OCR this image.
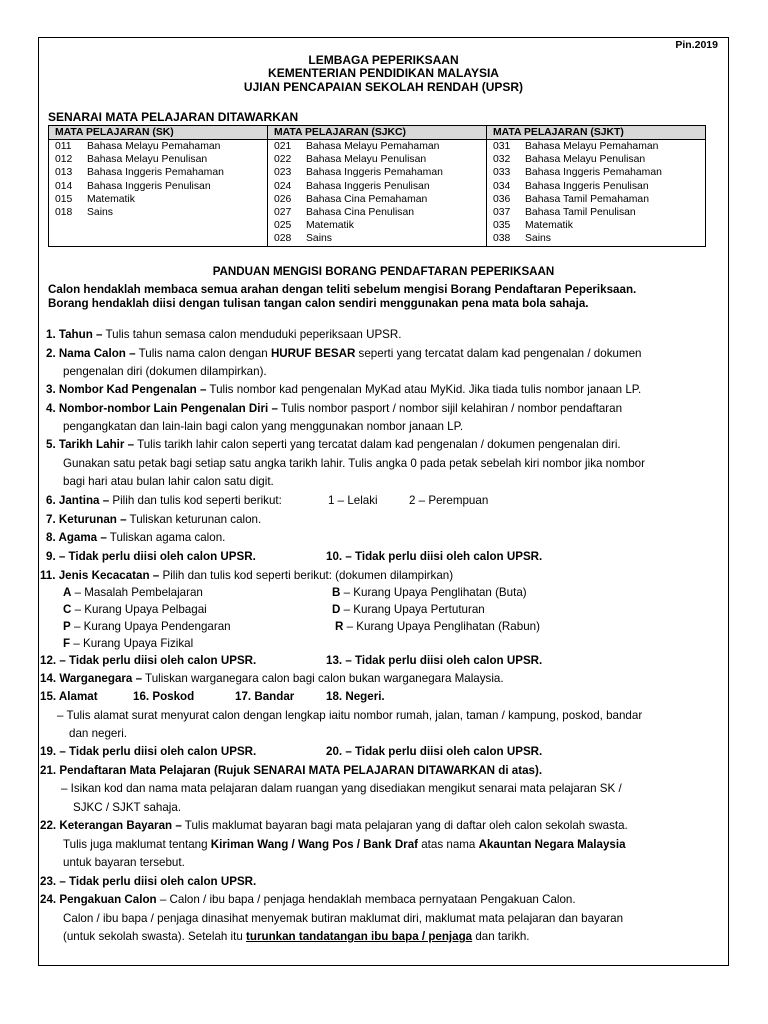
Pin.2019
LEMBAGA PEPERIKSAAN
KEMENTERIAN PENDIDIKAN MALAYSIA
UJIAN PENCAPAIAN SEKOLAH RENDAH (UPSR)
SENARAI MATA PELAJARAN DITAWARKAN
MATA PELAJARAN (SK)	MATA PELAJARAN (SJKC)	MATA PELAJARAN (SJKT)
011 Bahasa Melayu Pemahaman	021 Bahasa Melayu Pemahaman	031 Bahasa Melayu Pemahaman
012 Bahasa Melayu Penulisan	022 Bahasa Melayu Penulisan	032 Bahasa Melayu Penulisan
013 Bahasa Inggeris Pemahaman	023 Bahasa Inggeris Pemahaman	033 Bahasa Inggeris Pemahaman
014 Bahasa Inggeris Penulisan	024 Bahasa Inggeris Penulisan	034 Bahasa Inggeris Penulisan
015 Matematik	026 Bahasa Cina Pemahaman	036 Bahasa Tamil Pemahaman
018 Sains	027 Bahasa Cina Penulisan	037 Bahasa Tamil Penulisan
	025 Matematik	035 Matematik
	028 Sains	038 Sains
PANDUAN MENGISI BORANG PENDAFTARAN PEPERIKSAAN
Calon hendaklah membaca semua arahan dengan teliti sebelum mengisi Borang Pendaftaran Peperiksaan.
Borang hendaklah diisi dengan tulisan tangan calon sendiri menggunakan pena mata bola sahaja.
1. Tahun – Tulis tahun semasa calon menduduki peperiksaan UPSR.
2. Nama Calon – Tulis nama calon dengan HURUF BESAR seperti yang tercatat dalam kad pengenalan / dokumen
pengenalan diri (dokumen dilampirkan).
3. Nombor Kad Pengenalan – Tulis nombor kad pengenalan MyKad atau MyKid. Jika tiada tulis nombor janaan LP.
4. Nombor-nombor Lain Pengenalan Diri – Tulis nombor pasport / nombor sijil kelahiran / nombor pendaftaran
pengangkatan dan lain-lain bagi calon yang menggunakan nombor janaan LP.
5. Tarikh Lahir – Tulis tarikh lahir calon seperti yang tercatat dalam kad pengenalan / dokumen pengenalan diri.
Gunakan satu petak bagi setiap satu angka tarikh lahir. Tulis angka 0 pada petak sebelah kiri nombor jika nombor
bagi hari atau bulan lahir calon satu digit.
6. Jantina – Pilih dan tulis kod seperti berikut:	1 – Lelaki	2 – Perempuan
7. Keturunan – Tuliskan keturunan calon.
8. Agama – Tuliskan agama calon.
9. – Tidak perlu diisi oleh calon UPSR.	10. – Tidak perlu diisi oleh calon UPSR.
11. Jenis Kecacatan – Pilih dan tulis kod seperti berikut: (dokumen dilampirkan)
A – Masalah Pembelajaran	B – Kurang Upaya Penglihatan (Buta)
C – Kurang Upaya Pelbagai	D – Kurang Upaya Pertuturan
P – Kurang Upaya Pendengaran	R – Kurang Upaya Penglihatan (Rabun)
F – Kurang Upaya Fizikal
12. – Tidak perlu diisi oleh calon UPSR.	13. – Tidak perlu diisi oleh calon UPSR.
14. Warganegara – Tuliskan warganegara calon bagi calon bukan warganegara Malaysia.
15. Alamat	16. Poskod	17. Bandar	18. Negeri.
– Tulis alamat surat menyurat calon dengan lengkap iaitu nombor rumah, jalan, taman / kampung, poskod, bandar
dan negeri.
19. – Tidak perlu diisi oleh calon UPSR.	20. – Tidak perlu diisi oleh calon UPSR.
21. Pendaftaran Mata Pelajaran (Rujuk SENARAI MATA PELAJARAN DITAWARKAN di atas).
– Isikan kod dan nama mata pelajaran dalam ruangan yang disediakan mengikut senarai mata pelajaran SK /
SJKC / SJKT sahaja.
22. Keterangan Bayaran – Tulis maklumat bayaran bagi mata pelajaran yang di daftar oleh calon sekolah swasta.
Tulis juga maklumat tentang Kiriman Wang / Wang Pos / Bank Draf atas nama Akauntan Negara Malaysia
untuk bayaran tersebut.
23. – Tidak perlu diisi oleh calon UPSR.
24. Pengakuan Calon – Calon / ibu bapa / penjaga hendaklah membaca pernyataan Pengakuan Calon.
Calon / ibu bapa / penjaga dinasihat menyemak butiran maklumat diri, maklumat mata pelajaran dan bayaran
(untuk sekolah swasta). Setelah itu turunkan tandatangan ibu bapa / penjaga dan tarikh.
